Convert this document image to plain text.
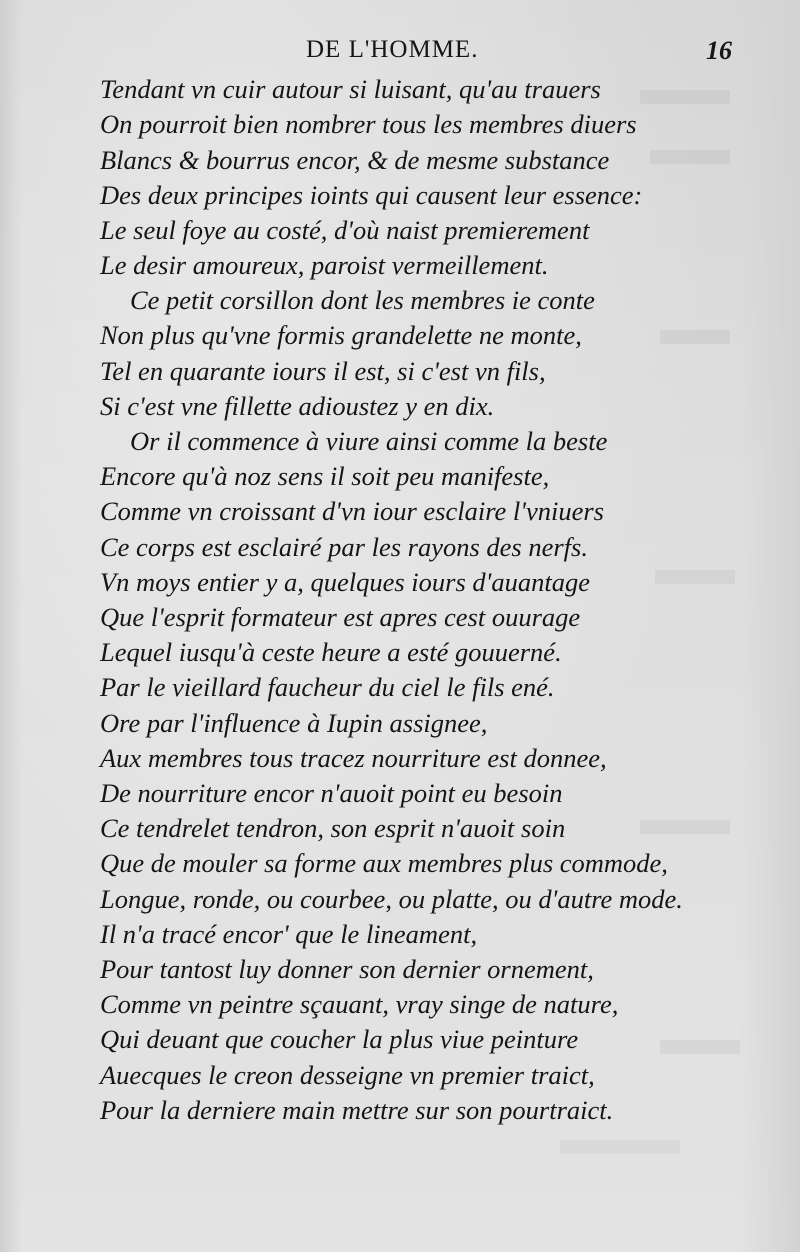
DE L'HOMME.	16
Tendant vn cuir autour si luisant, qu'au trauers
On pourroit bien nombrer tous les membres diuers
Blancs & bourrus encor, & de mesme substance
Des deux principes ioints qui causent leur essence:
Le seul foye au costé, d'où naist premierement
Le desir amoureux, paroist vermeillement.
Ce petit corsillon dont les membres ie conte
Non plus qu'vne formis grandelette ne monte,
Tel en quarante iours il est, si c'est vn fils,
Si c'est vne fillette adioustez y en dix.
Or il commence à viure ainsi comme la beste
Encore qu'à noz sens il soit peu manifeste,
Comme vn croissant d'vn iour esclaire l'vniuers
Ce corps est esclairé par les rayons des nerfs.
Vn moys entier y a, quelques iours d'auantage
Que l'esprit formateur est apres cest ouurage
Lequel iusqu'à ceste heure a esté gouuerné.
Par le vieillard faucheur du ciel le fils ené.
Ore par l'influence à Iupin assignee,
Aux membres tous tracez nourriture est donnee,
De nourriture encor n'auoit point eu besoin
Ce tendrelet tendron, son esprit n'auoit soin
Que de mouler sa forme aux membres plus commode,
Longue, ronde, ou courbee, ou platte, ou d'autre mode.
Il n'a tracé encor' que le lineament,
Pour tantost luy donner son dernier ornement,
Comme vn peintre sçauant, vray singe de nature,
Qui deuant que coucher la plus viue peinture
Auecques le creon desseigne vn premier traict,
Pour la derniere main mettre sur son pourtraict.
